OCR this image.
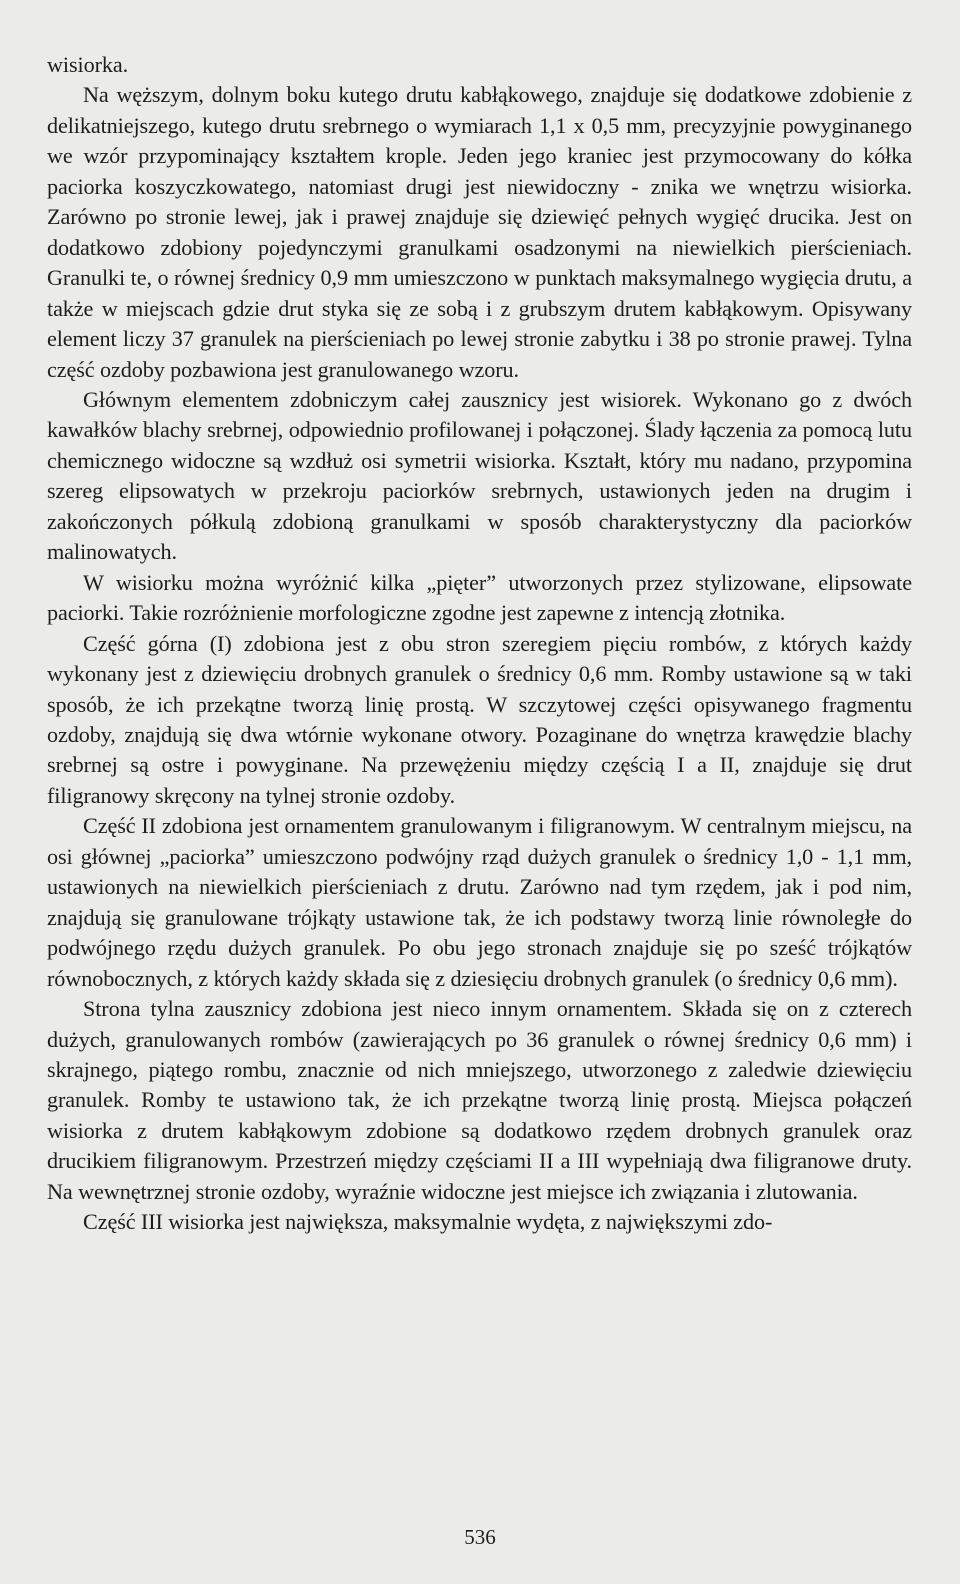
wisiorka.

Na węższym, dolnym boku kutego drutu kabłąkowego, znajduje się dodatkowe zdobienie z delikatniejszego, kutego drutu srebrnego o wymiarach 1,1 x 0,5 mm, precyzyjnie powyginanego we wzór przypominający kształtem krople. Jeden jego kraniec jest przymocowany do kółka paciorka koszyczkowatego, natomiast drugi jest niewidoczny - znika we wnętrzu wisiorka. Zarówno po stronie lewej, jak i prawej znajduje się dziewięć pełnych wygięć drucika. Jest on dodatkowo zdobiony pojedynczymi granulkami osadzonymi na niewielkich pierścieniach. Granulki te, o równej średnicy 0,9 mm umieszczono w punktach maksymalnego wygięcia drutu, a także w miejscach gdzie drut styka się ze sobą i z grubszym drutem kabłąkowym. Opisywany element liczy 37 granulek na pierścieniach po lewej stronie zabytku i 38 po stronie prawej. Tylna część ozdoby pozbawiona jest granulowanego wzoru.

Głównym elementem zdobniczym całej zausznicy jest wisiorek. Wykonano go z dwóch kawałków blachy srebrnej, odpowiednio profilowanej i połączonej. Ślady łączenia za pomocą lutu chemicznego widoczne są wzdłuż osi symetrii wisiorka. Kształt, który mu nadano, przypomina szereg elipsowatych w przekroju paciorków srebrnych, ustawionych jeden na drugim i zakończonych półkulą zdobioną granulkami w sposób charakterystyczny dla paciorków malinowatych.

W wisiorku można wyróżnić kilka „pięter” utworzonych przez stylizowane, elipsowate paciorki. Takie rozróżnienie morfologiczne zgodne jest zapewne z intencją złotnika.

Część górna (I) zdobiona jest z obu stron szeregiem pięciu rombów, z których każdy wykonany jest z dziewięciu drobnych granulek o średnicy 0,6 mm. Romby ustawione są w taki sposób, że ich przekątne tworzą linię prostą. W szczytowej części opisywanego fragmentu ozdoby, znajdują się dwa wtórnie wykonane otwory. Pozaginane do wnętrza krawędzie blachy srebrnej są ostre i powyginane. Na przewężeniu między częścią I a II, znajduje się drut filigranowy skręcony na tylnej stronie ozdoby.

Część II zdobiona jest ornamentem granulowanym i filigranowym. W centralnym miejscu, na osi głównej „paciorka” umieszczono podwójny rząd dużych granulek o średnicy 1,0 - 1,1 mm, ustawionych na niewielkich pierścieniach z drutu. Zarówno nad tym rzędem, jak i pod nim, znajdują się granulowane trójkąty ustawione tak, że ich podstawy tworzą linie równoległe do podwójnego rzędu dużych granulek. Po obu jego stronach znajduje się po sześć trójkątów równobocznych, z których każdy składa się z dziesięciu drobnych granulek (o średnicy 0,6 mm).

Strona tylna zausznicy zdobiona jest nieco innym ornamentem. Składa się on z czterech dużych, granulowanych rombów (zawierających po 36 granulek o równej średnicy 0,6 mm) i skrajnego, piątego rombu, znacznie od nich mniejszego, utworzonego z zaledwie dziewięciu granulek. Romby te ustawiono tak, że ich przekątne tworzą linię prostą. Miejsca połączeń wisiorka z drutem kabłąkowym zdobione są dodatkowo rzędem drobnych granulek oraz drucikiem filigranowym. Przestrzeń między częściami II a III wypełniają dwa filigranowe druty. Na wewnętrznej stronie ozdoby, wyraźnie widoczne jest miejsce ich związania i zlutowania.

Część III wisiorka jest największa, maksymalnie wydęta, z największymi zdo-

536
